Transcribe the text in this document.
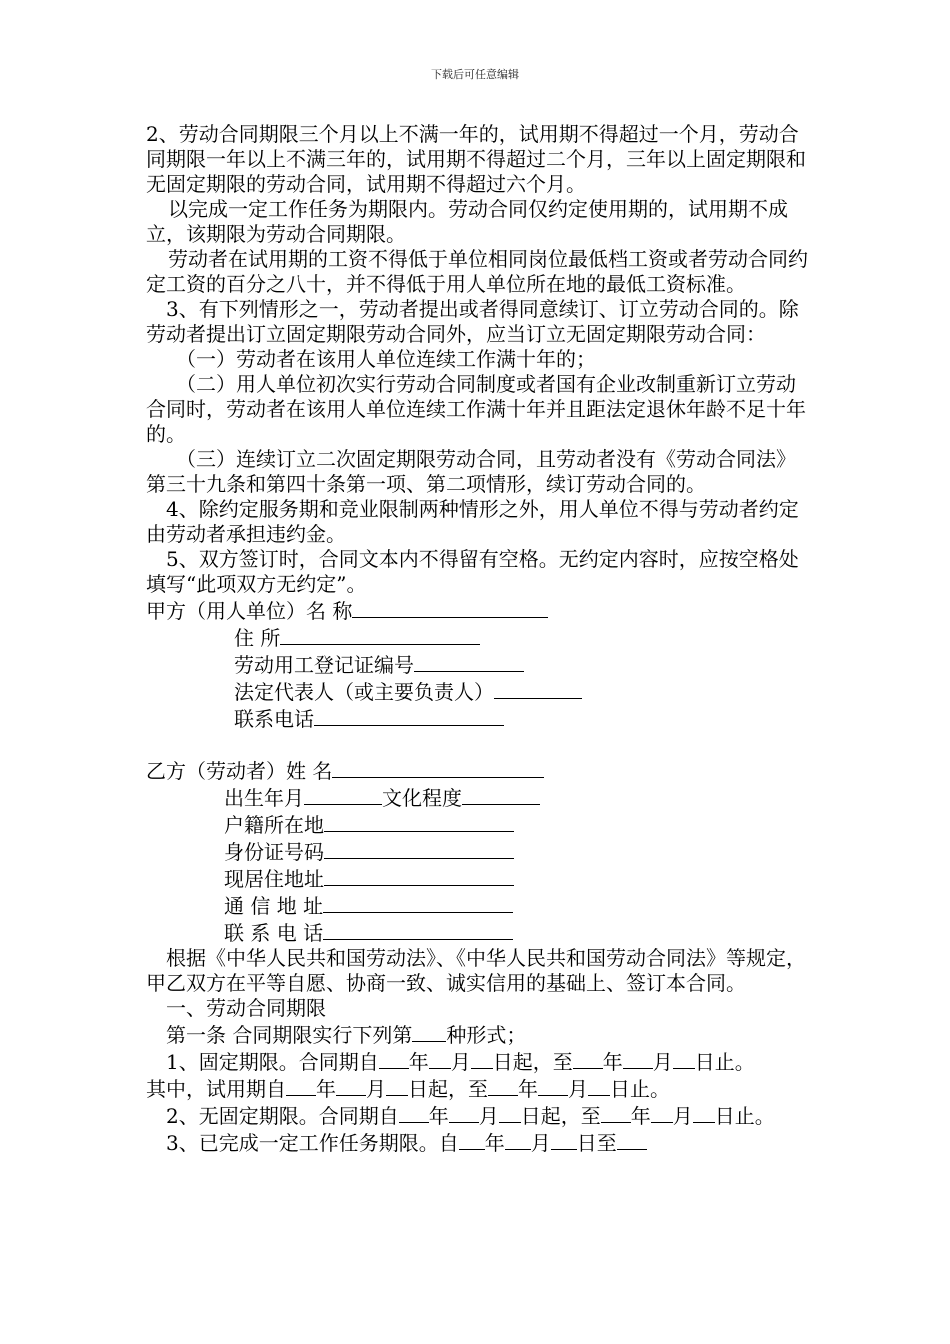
下载后可任意编辑

2、劳动合同期限三个月以上不满一年的，试用期不得超过一个月，劳动合同期限一年以上不满三年的，试用期不得超过二个月，三年以上固定期限和无固定期限的劳动合同，试用期不得超过六个月。

以完成一定工作任务为期限内。劳动合同仅约定使用期的，试用期不成立，该期限为劳动合同期限。

劳动者在试用期的工资不得低于单位相同岗位最低档工资或者劳动合同约定工资的百分之八十，并不得低于用人单位所在地的最低工资标准。

3、有下列情形之一，劳动者提出或者得同意续订、订立劳动合同的。除劳动者提出订立固定期限劳动合同外，应当订立无固定期限劳动合同：

（一）劳动者在该用人单位连续工作满十年的；

（二）用人单位初次实行劳动合同制度或者国有企业改制重新订立劳动合同时，劳动者在该用人单位连续工作满十年并且距法定退休年龄不足十年的。

（三）连续订立二次固定期限劳动合同，且劳动者没有《劳动合同法》第三十九条和第四十条第一项、第二项情形，续订劳动合同的。

4、除约定服务期和竞业限制两种情形之外，用人单位不得与劳动者约定由劳动者承担违约金。

5、双方签订时，合同文本内不得留有空格。无约定内容时，应按空格处填写“此项双方无约定”。

甲方（用人单位）名 称

住 所

劳动用工登记证编号

法定代表人（或主要负责人）

联系电话

乙方（劳动者）姓 名

出生年月	文化程度

户籍所在地

身份证号码

现居住地址

通 信 地 址

联 系 电 话

根据《中华人民共和国劳动法》、《中华人民共和国劳动合同法》等规定，甲乙双方在平等自愿、协商一致、诚实信用的基础上、签订本合同。

一、劳动合同期限

第一条 合同期限实行下列第 种形式；

1、固定期限。合同期自 年 月 日起，至 年 月 日止。

其中，试用期自 年 月 日起，至 年 月 日止。

2、无固定期限。合同期自 年 月 日起，至 年 月 日止。

3、已完成一定工作任务期限。自 年 月 日至
